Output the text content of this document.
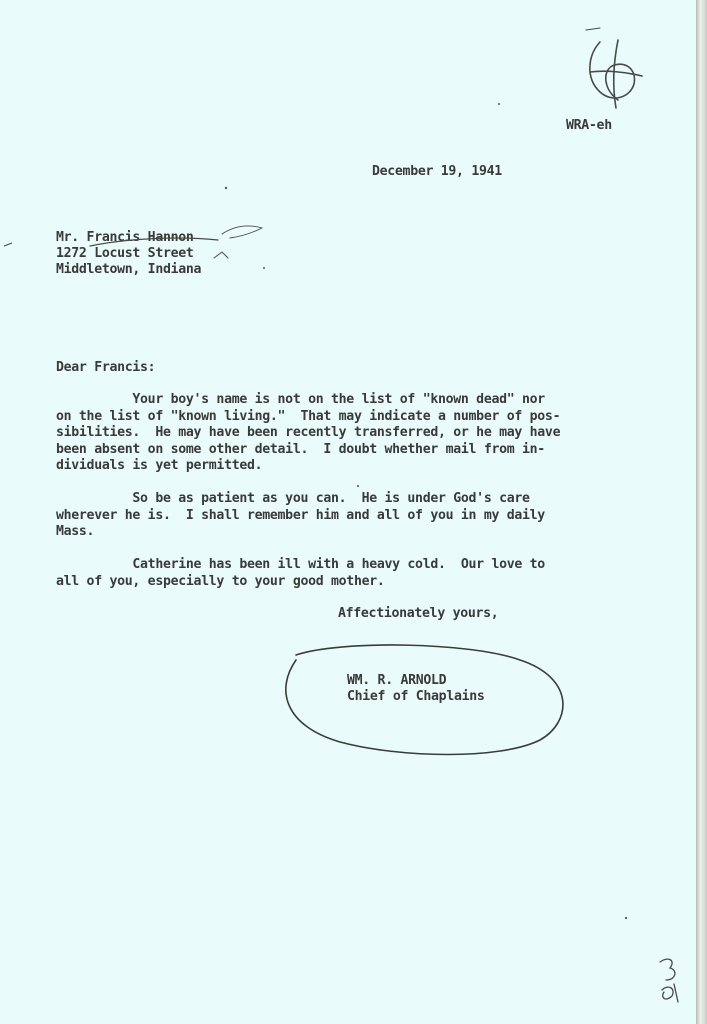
WRA-eh

December 19, 1941

Mr. Francis Hannon

1272 Locust Street

Middletown, Indiana

Dear Francis:

Your boy's name is not on the list of "known dead" nor
on the list of "known living."  That may indicate a number of pos-
sibilities.  He may have been recently transferred, or he may have
been absent on some other detail.  I doubt whether mail from in-
dividuals is yet permitted.

So be as patient as you can.  He is under God's care
wherever he is.  I shall remember him and all of you in my daily
Mass.

Catherine has been ill with a heavy cold.  Our love to
all of you, especially to your good mother.

Affectionately yours,

WM. R. ARNOLD

Chief of Chaplains
